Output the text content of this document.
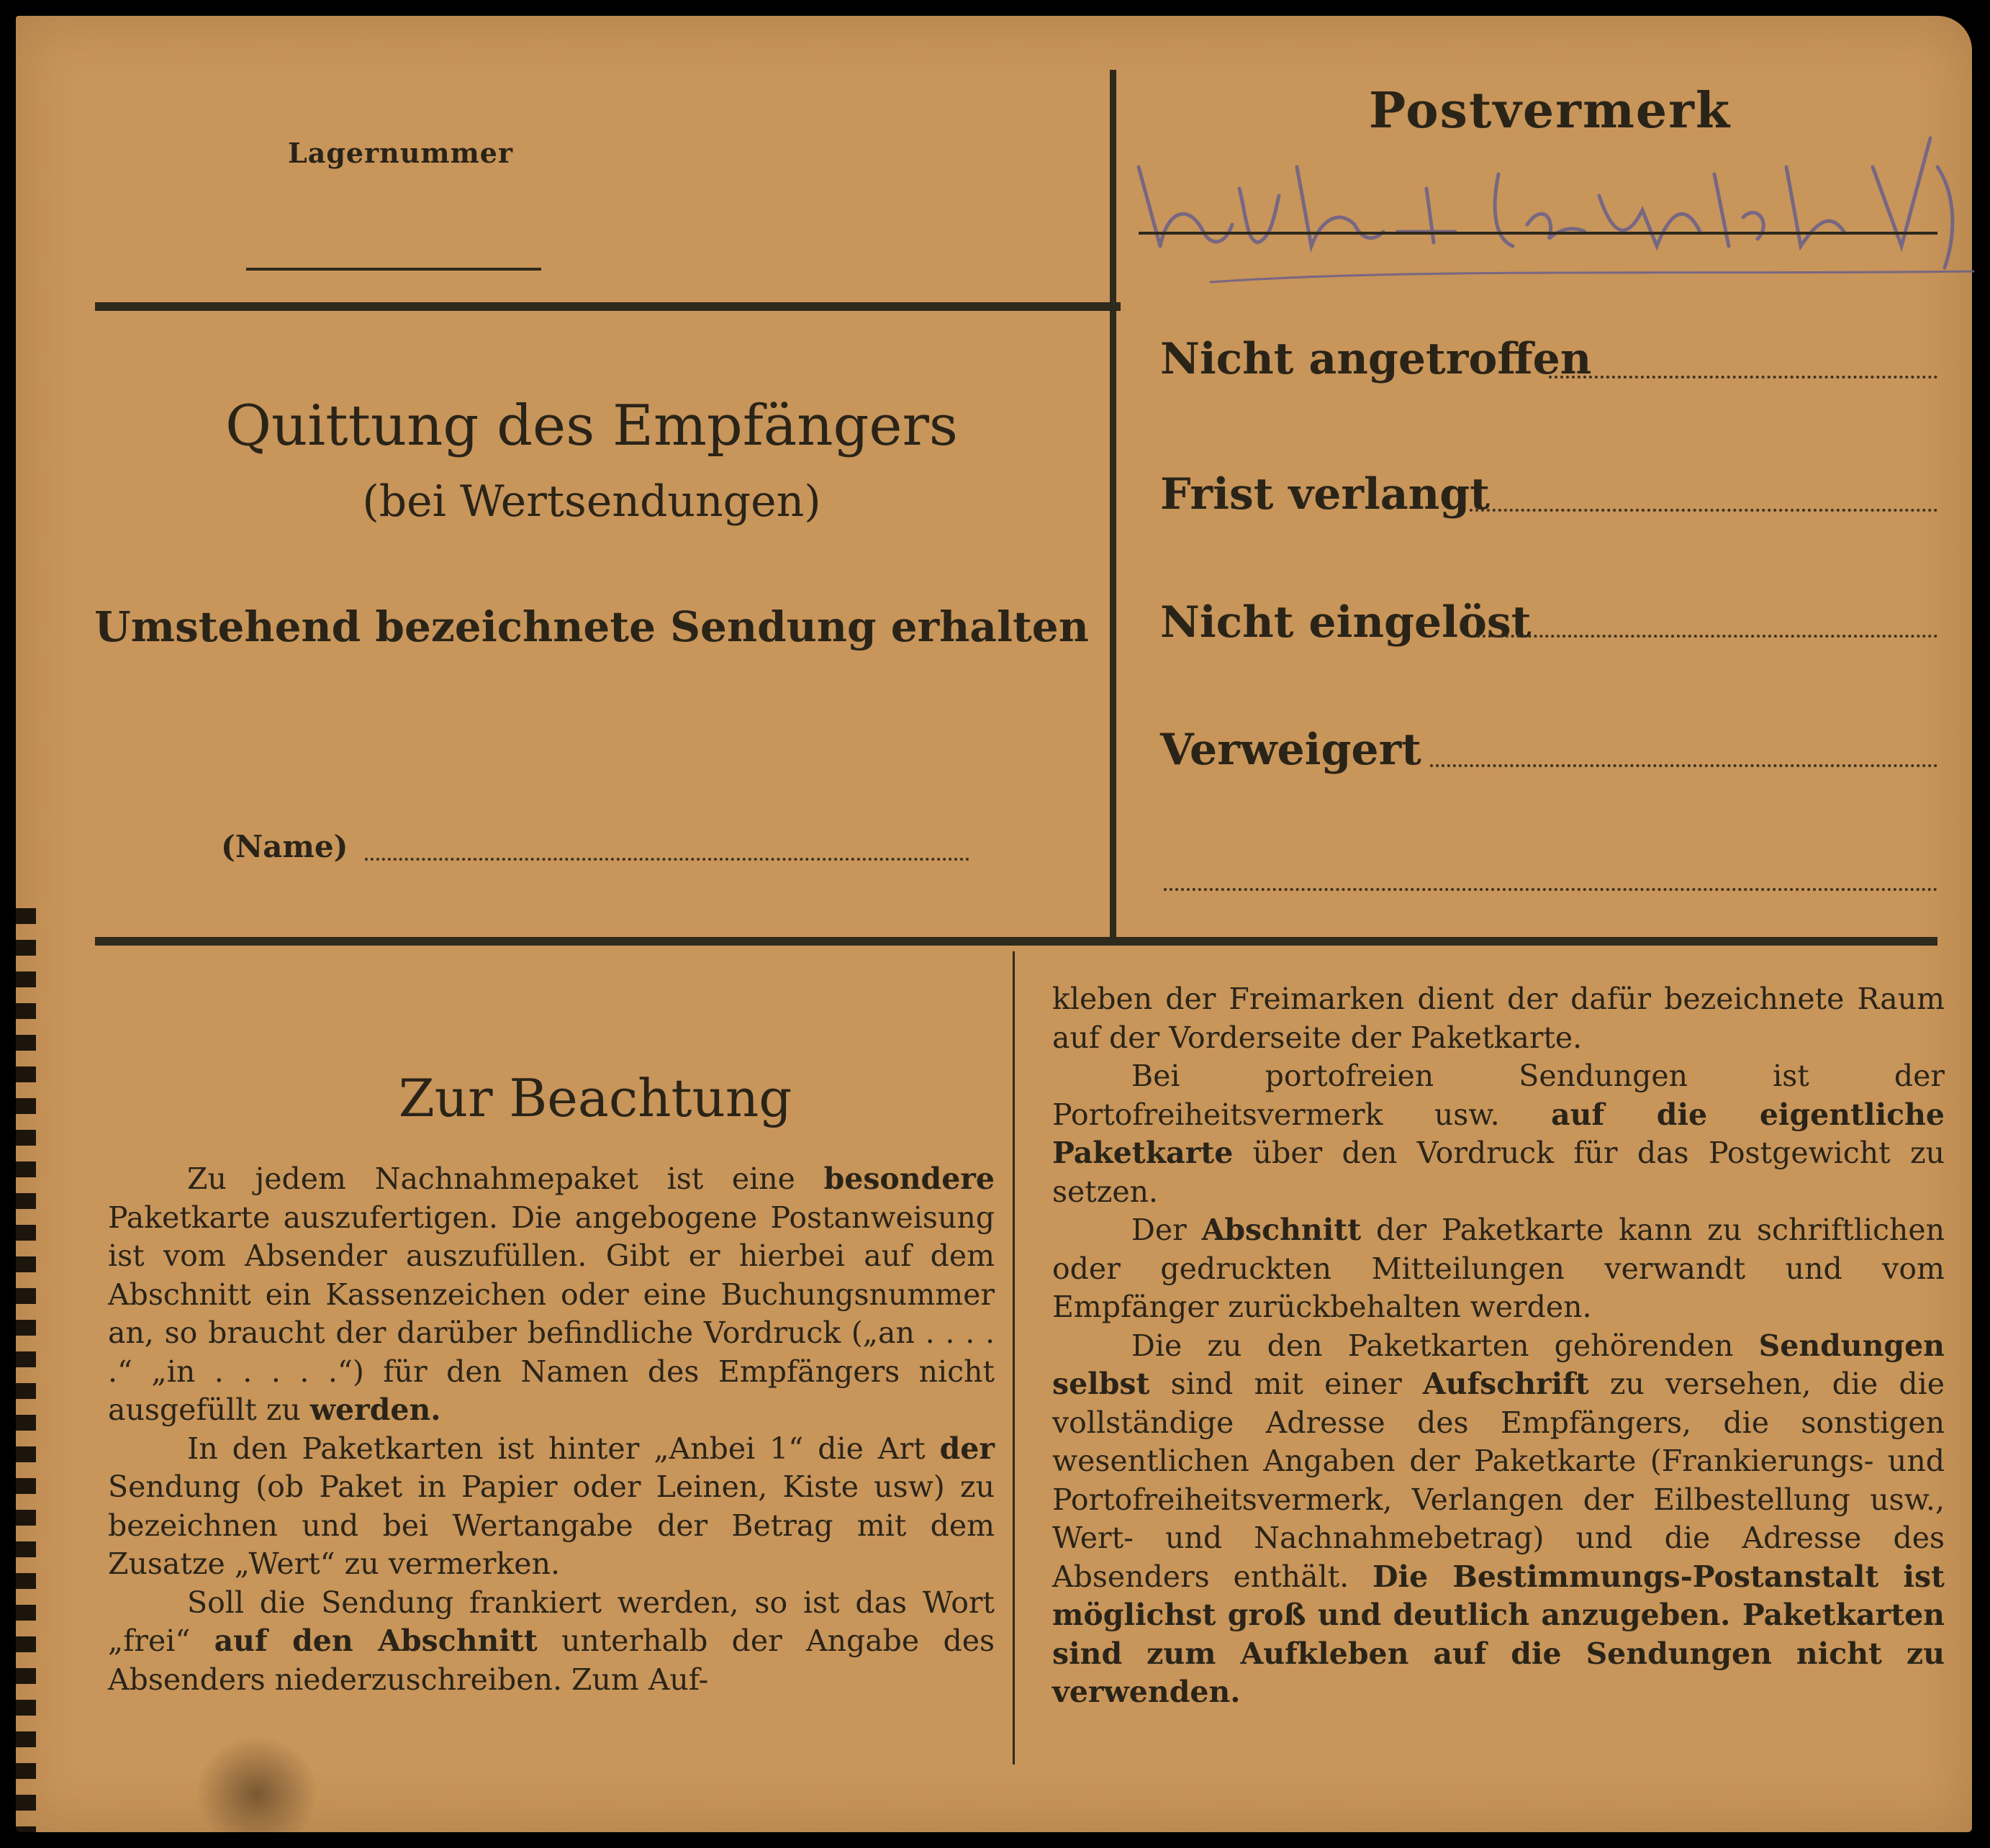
Lagernummer
Quittung des Empfängers
(bei Wertsendungen)
Umstehend bezeichnete Sendung erhalten
(Name)
Postvermerk
Nicht angetroffen
Frist verlangt
Nicht eingelöst
Verweigert
Zur Beachtung

Zu jedem Nachnahmepaket ist eine besondere Paketkarte auszufertigen. Die angebogene Postanweisung ist vom Absender auszufüllen. Gibt er hierbei auf dem Abschnitt ein Kassenzeichen oder eine Buchungsnummer an, so braucht der darüber befindliche Vordruck („an . . . . .“ „in . . . . .“) für den Namen des Empfängers nicht ausgefüllt zu werden.

In den Paketkarten ist hinter „Anbei 1“ die Art der Sendung (ob Paket in Papier oder Leinen, Kiste usw) zu bezeichnen und bei Wertangabe der Betrag mit dem Zusatze „Wert“ zu vermerken.

Soll die Sendung frankiert werden, so ist das Wort „frei“ auf den Abschnitt unterhalb der Angabe des Absenders niederzuschreiben. Zum Auf-

kleben der Freimarken dient der dafür bezeichnete Raum auf der Vorderseite der Paketkarte.

Bei portofreien Sendungen ist der Portofreiheitsvermerk usw. auf die eigentliche Paketkarte über den Vordruck für das Postgewicht zu setzen.

Der Abschnitt der Paketkarte kann zu schriftlichen oder gedruckten Mitteilungen verwandt und vom Empfänger zurückbehalten werden.

Die zu den Paketkarten gehörenden Sendungen selbst sind mit einer Aufschrift zu versehen, die die vollständige Adresse des Empfängers, die sonstigen wesentlichen Angaben der Paketkarte (Frankierungs- und Portofreiheitsvermerk, Verlangen der Eilbestellung usw., Wert- und Nachnahmebetrag) und die Adresse des Absenders enthält. Die Bestimmungs-Postanstalt ist möglichst groß und deutlich anzugeben. Paketkarten sind zum Aufkleben auf die Sendungen nicht zu verwenden.
